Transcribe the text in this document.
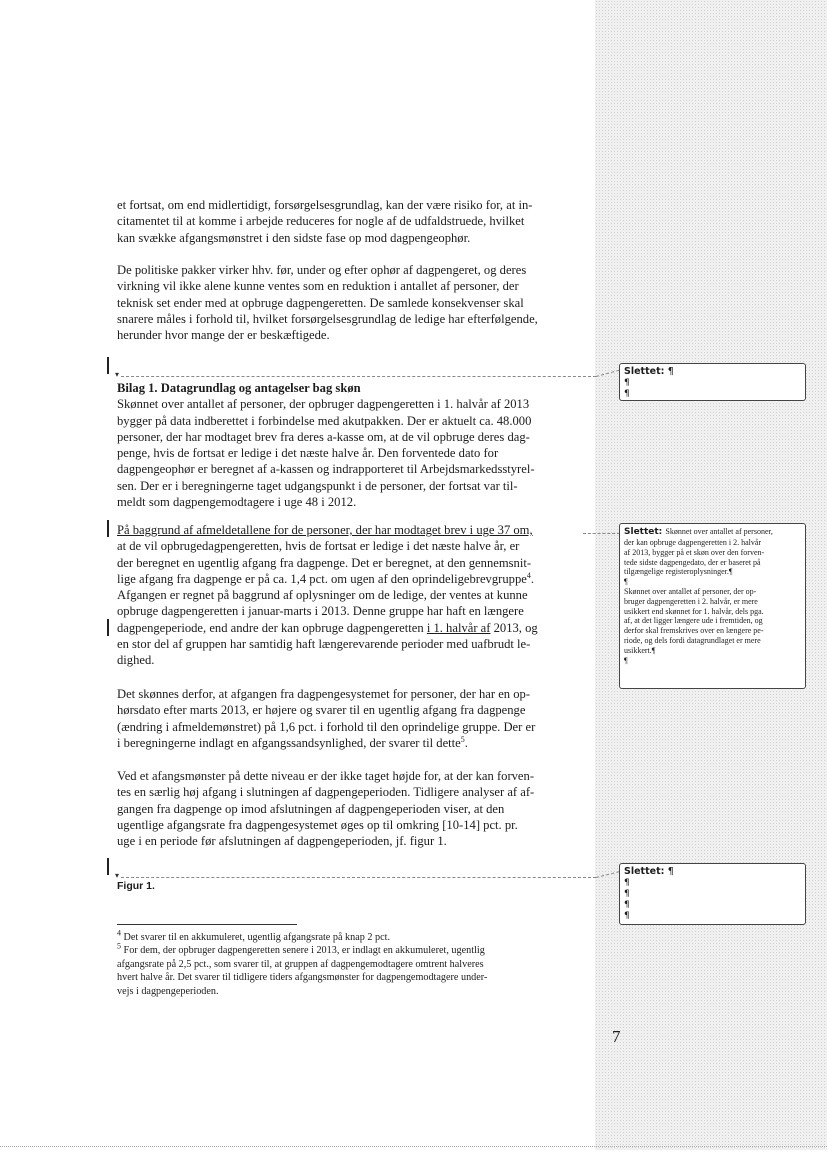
et fortsat, om end midlertidigt, forsørgelsesgrundlag, kan der være risiko for, at in-
citamentet til at komme i arbejde reduceres for nogle af de udfaldstruede, hvilket
kan svække afgangsmønstret i den sidste fase op mod dagpengeophør.

De politiske pakker virker hhv. før, under og efter ophør af dagpengeret, og deres
virkning vil ikke alene kunne ventes som en reduktion i antallet af personer, der
teknisk set ender med at opbruge dagpengeretten. De samlede konsekvenser skal
snarere måles i forhold til, hvilket forsørgelsesgrundlag de ledige har efterfølgende,
herunder hvor mange der er beskæftigede.

▾

Bilag 1. Datagrundlag og antagelser bag skøn
Skønnet over antallet af personer, der opbruger dagpengeretten i 1. halvår af 2013
bygger på data indberettet i forbindelse med akutpakken. Der er aktuelt ca. 48.000
personer, der har modtaget brev fra deres a-kasse om, at de vil opbruge deres dag-
penge, hvis de fortsat er ledige i det næste halve år. Den forventede dato for
dagpengeophør er beregnet af a-kassen og indrapporteret til Arbejdsmarkedsstyrel-
sen. Der er i beregningerne taget udgangspunkt i de personer, der fortsat var til-
meldt som dagpengemodtagere i uge 48 i 2012.

På baggrund af afmeldetallene for de personer, der har modtaget brev i uge 37 om,
at de vil opbrugedagpengeretten, hvis de fortsat er ledige i det næste halve år, er
der beregnet en ugentlig afgang fra dagpenge. Det er beregnet, at den gennemsnit-
lige afgang fra dagpenge er på ca. 1,4 pct. om ugen af den oprindeligebrevgruppe$^4$.
Afgangen er regnet på baggrund af oplysninger om de ledige, der ventes at kunne
opbruge dagpengeretten i januar-marts i 2013. Denne gruppe har haft en længere
dagpengeperiode, end andre der kan opbruge dagpengeretten i 1. halvår af 2013, og
en stor del af gruppen har samtidig haft længerevarende perioder med uafbrudt le-
dighed.

Det skønnes derfor, at afgangen fra dagpengesystemet for personer, der har en op-
hørsdato efter marts 2013, er højere og svarer til en ugentlig afgang fra dagpenge
(ændring i afmeldemønstret) på 1,6 pct. i forhold til den oprindelige gruppe. Der er
i beregningerne indlagt en afgangssandsynlighed, der svarer til dette$^5$.

Ved et afangsmønster på dette niveau er der ikke taget højde for, at der kan forven-
tes en særlig høj afgang i slutningen af dagpengeperioden. Tidligere analyser af af-
gangen fra dagpenge op imod afslutningen af dagpengeperioden viser, at den
ugentlige afgangsrate fra dagpengesystemet øges op til omkring [10-14] pct. pr.
uge i en periode før afslutningen af dagpengeperioden, jf. figur 1.

▾
Figur 1.
$^4$ Det svarer til en akkumuleret, ugentlig afgangsrate på knap 2 pct.
$^5$ For dem, der opbruger dagpengeretten senere i 2013, er indlagt en akkumuleret, ugentlig
afgangsrate på 2,5 pct., som svarer til, at gruppen af dagpengemodtagere omtrent halveres
hvert halve år. Det svarer til tidligere tiders afgangsmønster for dagpengemodtagere under-
vejs i dagpengeperioden.
Slettet: ¶
¶
¶
Slettet: Skønnet over antallet af personer,
der kan opbruge dagpengeretten i 2. halvår
af 2013, bygger på et skøn over den forven-
tede sidste dagpengedato, der er baseret på
tilgængelige registeroplysninger.¶
¶
Skønnet over antallet af personer, der op-
bruger dagpengeretten i 2. halvår, er mere
usikkert end skønnet for 1. halvår, dels pga.
af, at det ligger længere ude i fremtiden, og
derfor skal fremskrives over en længere pe-
riode, og dels fordi datagrundlaget er mere
usikkert.¶
¶
Slettet: ¶
¶
¶
¶
¶
7
